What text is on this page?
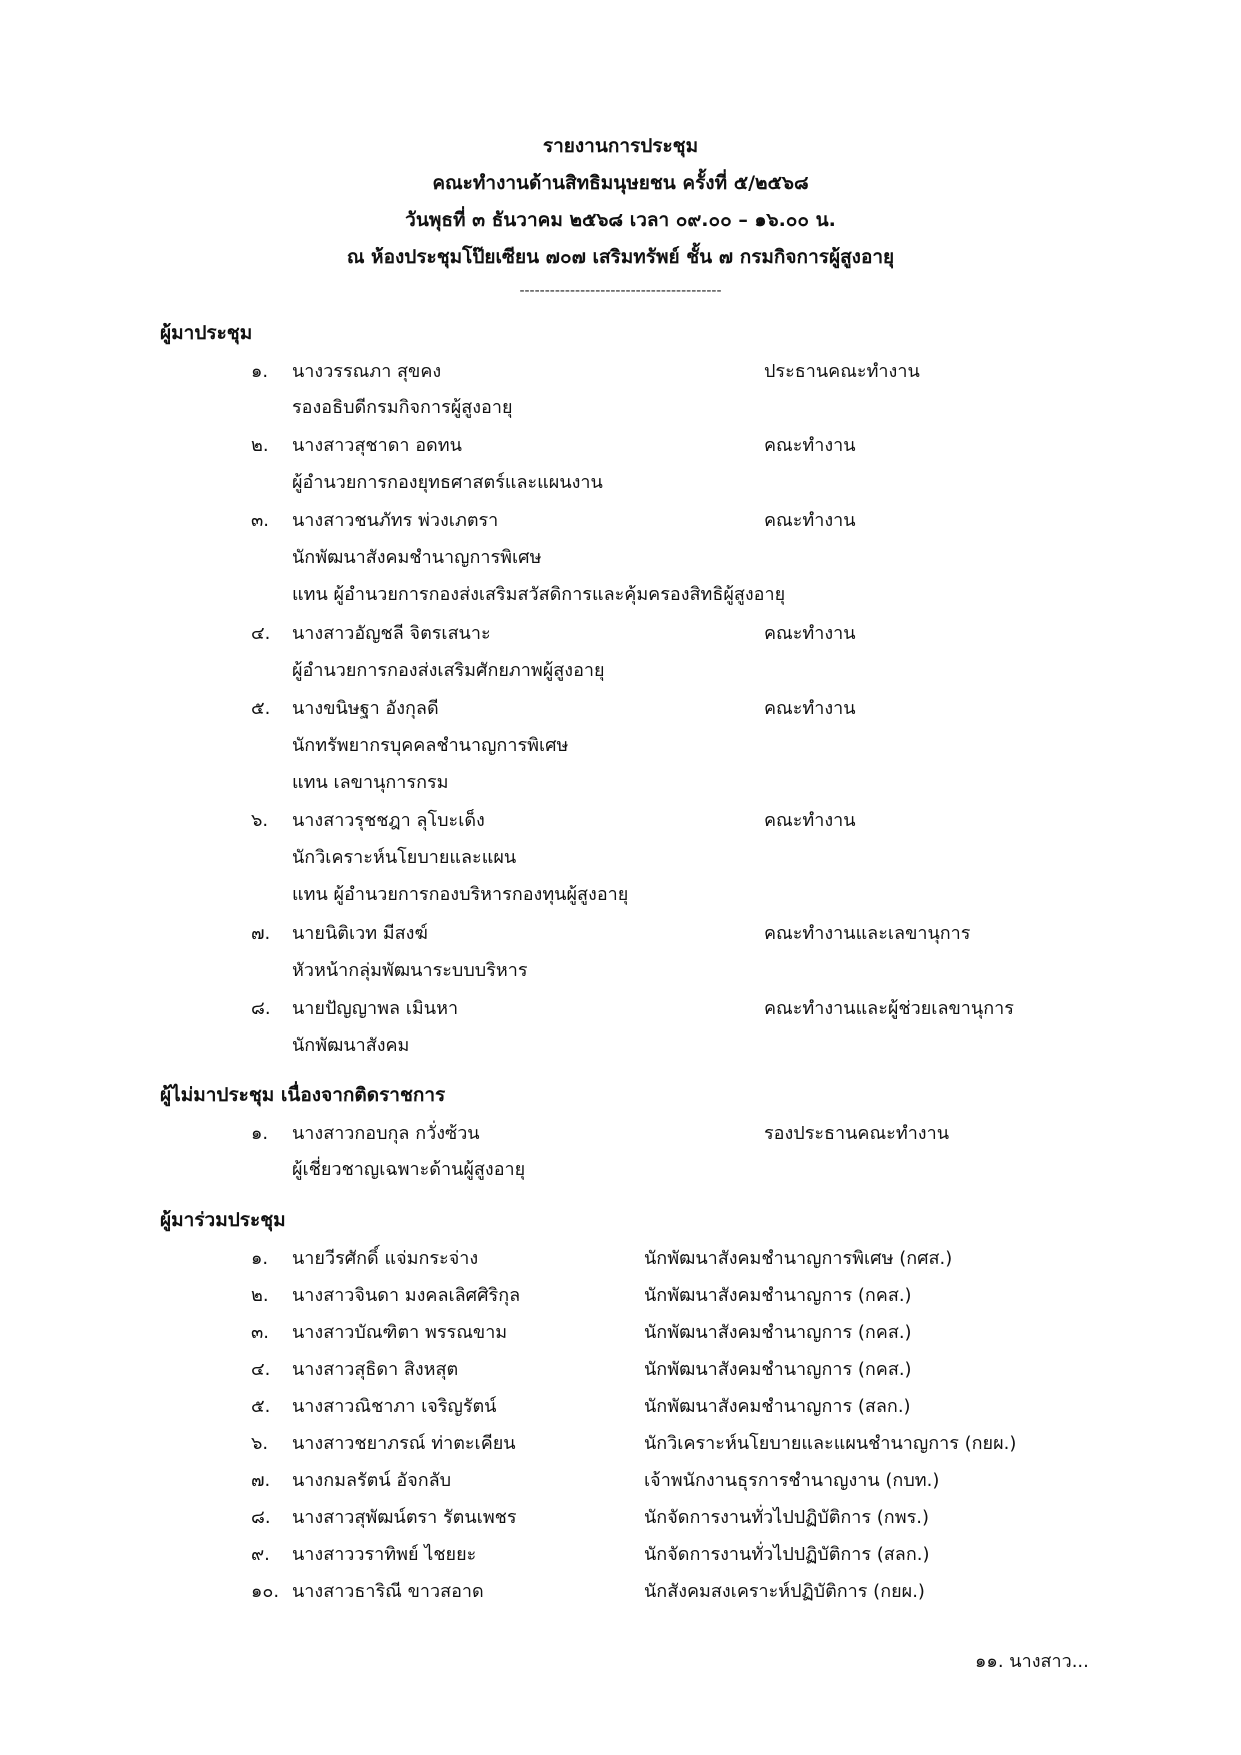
รายงานการประชุม
คณะทำงานด้านสิทธิมนุษยชน ครั้งที่ ๕/๒๕๖๘
วันพุธที่ ๓ ธันวาคม ๒๕๖๘ เวลา ๐๙.๐๐ – ๑๖.๐๐ น.
ณ ห้องประชุมโป๊ยเซียน ๗๐๗ เสริมทรัพย์ ชั้น ๗ กรมกิจการผู้สูงอายุ
----------------------------------------
ผู้มาประชุม
๑.	นางวรรณภา สุขคง	ประธานคณะทำงาน
รองอธิบดีกรมกิจการผู้สูงอายุ
๒.	นางสาวสุชาดา อดทน	คณะทำงาน
ผู้อำนวยการกองยุทธศาสตร์และแผนงาน
๓.	นางสาวชนภัทร พ่วงเภตรา	คณะทำงาน
นักพัฒนาสังคมชำนาญการพิเศษ
แทน ผู้อำนวยการกองส่งเสริมสวัสดิการและคุ้มครองสิทธิผู้สูงอายุ
๔.	นางสาวอัญชลี จิตรเสนาะ	คณะทำงาน
ผู้อำนวยการกองส่งเสริมศักยภาพผู้สูงอายุ
๕.	นางขนิษฐา อังกุลดี	คณะทำงาน
นักทรัพยากรบุคคลชำนาญการพิเศษ
แทน เลขานุการกรม
๖.	นางสาวรุชชฎา ลุโบะเด็ง	คณะทำงาน
นักวิเคราะห์นโยบายและแผน
แทน ผู้อำนวยการกองบริหารกองทุนผู้สูงอายุ
๗.	นายนิติเวท มีสงฆ์	คณะทำงานและเลขานุการ
หัวหน้ากลุ่มพัฒนาระบบบริหาร
๘.	นายปัญญาพล เมินหา	คณะทำงานและผู้ช่วยเลขานุการ
นักพัฒนาสังคม
ผู้ไม่มาประชุม เนื่องจากติดราชการ
๑.	นางสาวกอบกุล กวั่งซ้วน	รองประธานคณะทำงาน
ผู้เชี่ยวชาญเฉพาะด้านผู้สูงอายุ
ผู้มาร่วมประชุม
๑.	นายวีรศักดิ์ แจ่มกระจ่าง	นักพัฒนาสังคมชำนาญการพิเศษ (กศส.)
๒.	นางสาวจินดา มงคลเลิศศิริกุล	นักพัฒนาสังคมชำนาญการ (กคส.)
๓.	นางสาวบัณฑิตา พรรณขาม	นักพัฒนาสังคมชำนาญการ (กคส.)
๔.	นางสาวสุธิดา สิงหสุต	นักพัฒนาสังคมชำนาญการ (กคส.)
๕.	นางสาวณิชาภา เจริญรัตน์	นักพัฒนาสังคมชำนาญการ (สลก.)
๖.	นางสาวชยาภรณ์ ท่าตะเคียน	นักวิเคราะห์นโยบายและแผนชำนาญการ (กยผ.)
๗.	นางกมลรัตน์ อัจกลับ	เจ้าพนักงานธุรการชำนาญงาน (กบท.)
๘.	นางสาวสุพัฒน์ตรา รัตนเพชร	นักจัดการงานทั่วไปปฏิบัติการ (กพร.)
๙.	นางสาววราทิพย์ ไชยยะ	นักจัดการงานทั่วไปปฏิบัติการ (สลก.)
๑๐. นางสาวธาริณี ขาวสอาด	นักสังคมสงเคราะห์ปฏิบัติการ (กยผ.)
๑๑. นางสาว...
